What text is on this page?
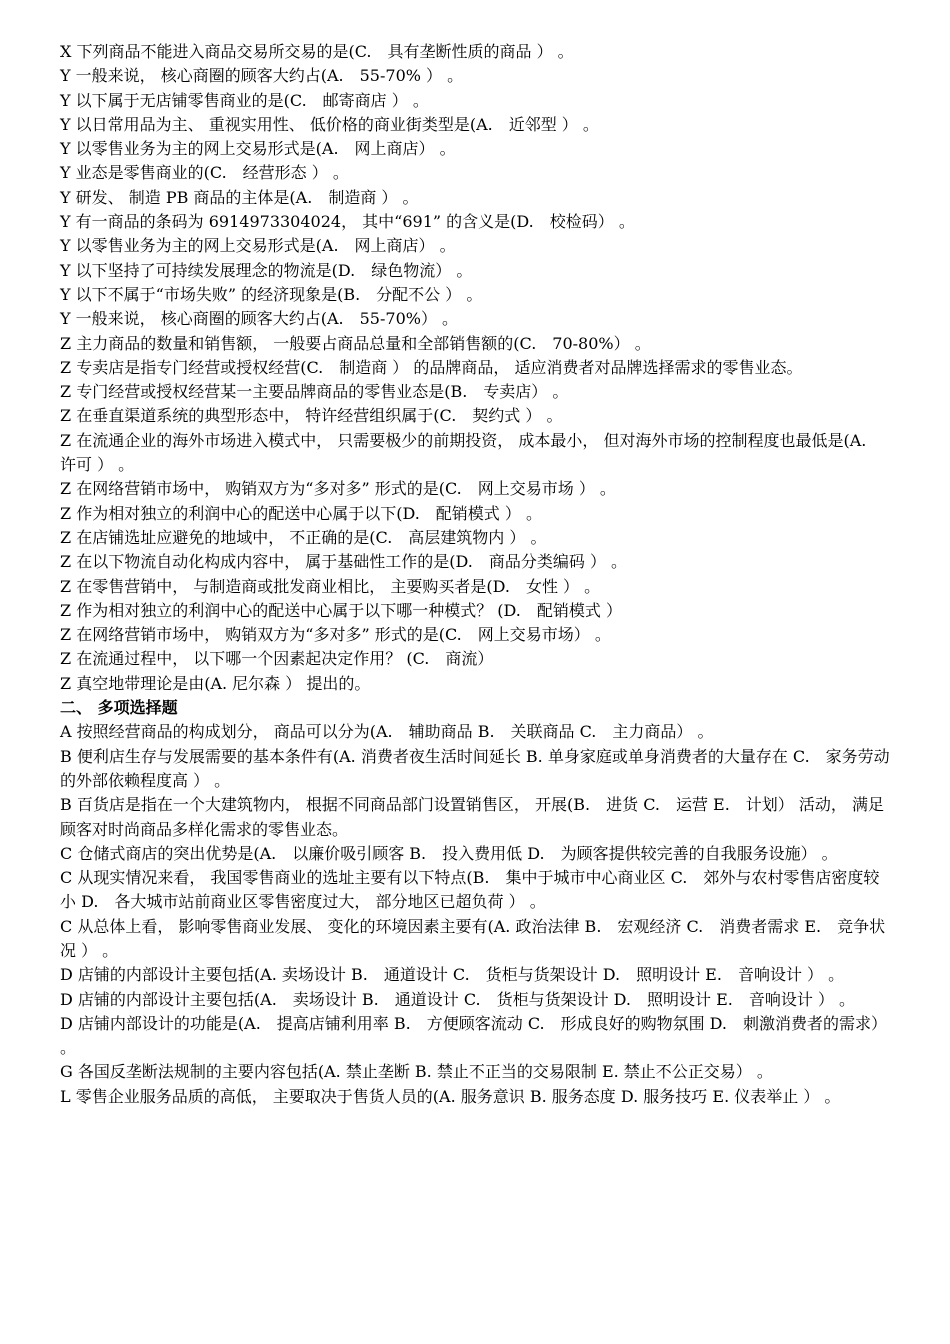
X 下列商品不能进入商品交易所交易的是(C.　具有垄断性质的商品 ） 。

Y 一般来说， 核心商圈的顾客大约占(A.　55-70% ） 。

Y 以下属于无店铺零售商业的是(C.　邮寄商店 ） 。

Y 以日常用品为主、 重视实用性、 低价格的商业街类型是(A.　近邻型 ） 。

Y 以零售业务为主的网上交易形式是(A.　网上商店） 。

Y 业态是零售商业的(C.　经营形态 ） 。

Y 研发、 制造 PB 商品的主体是(A.　制造商 ） 。

Y 有一商品的条码为 6914973304024， 其中“691” 的含义是(D.　校检码） 。

Y 以零售业务为主的网上交易形式是(A.　网上商店） 。

Y 以下坚持了可持续发展理念的物流是(D.　绿色物流） 。

Y 以下不属于“市场失败” 的经济现象是(B.　分配不公 ） 。

Y 一般来说， 核心商圈的顾客大约占(A.　55-70%） 。

Z 主力商品的数量和销售额， 一般要占商品总量和全部销售额的(C.　70-80%） 。

Z 专卖店是指专门经营或授权经营(C.　制造商 ） 的品牌商品， 适应消费者对品牌选择需求的零售业态。

Z 专门经营或授权经营某一主要品牌商品的零售业态是(B.　专卖店） 。

Z 在垂直渠道系统的典型形态中， 特许经营组织属于(C.　契约式 ） 。

Z 在流通企业的海外市场进入模式中， 只需要极少的前期投资， 成本最小， 但对海外市场的控制程度也最低是(A.　许可 ） 。

Z 在网络营销市场中， 购销双方为“多对多” 形式的是(C.　网上交易市场 ） 。

Z 作为相对独立的利润中心的配送中心属于以下(D.　配销模式 ） 。

Z 在店铺选址应避免的地域中， 不正确的是(C.　高层建筑物内 ） 。

Z 在以下物流自动化构成内容中， 属于基础性工作的是(D.　商品分类编码 ） 。

Z 在零售营销中， 与制造商或批发商业相比， 主要购买者是(D.　女性 ） 。

Z 作为相对独立的利润中心的配送中心属于以下哪一种模式？ (D.　配销模式 ）

Z 在网络营销市场中， 购销双方为“多对多” 形式的是(C.　网上交易市场） 。

Z 在流通过程中， 以下哪一个因素起决定作用？ (C.　商流）

Z 真空地带理论是由(A. 尼尔森 ） 提出的。

二、 多项选择题

A 按照经营商品的构成划分， 商品可以分为(A.　辅助商品 B.　关联商品 C.　主力商品） 。

B 便利店生存与发展需要的基本条件有(A. 消费者夜生活时间延长 B. 单身家庭或单身消费者的大量存在 C.　家务劳动的外部依赖程度高 ） 。

B 百货店是指在一个大建筑物内， 根据不同商品部门设置销售区， 开展(B.　进货 C.　运营 E.　计划） 活动， 满足顾客对时尚商品多样化需求的零售业态。

C 仓储式商店的突出优势是(A.　以廉价吸引顾客 B.　投入费用低 D.　为顾客提供较完善的自我服务设施） 。

C 从现实情况来看， 我国零售商业的选址主要有以下特点(B.　集中于城市中心商业区 C.　郊外与农村零售店密度较小 D.　各大城市站前商业区零售密度过大， 部分地区已超负荷 ） 。

C 从总体上看， 影响零售商业发展、 变化的环境因素主要有(A. 政治法律 B.　宏观经济 C.　消费者需求 E.　竞争状况 ） 。

D 店铺的内部设计主要包括(A. 卖场设计 B.　通道设计 C.　货柜与货架设计 D.　照明设计 E.　音响设计 ） 。

D 店铺的内部设计主要包括(A.　卖场设计 B.　通道设计 C.　货柜与货架设计 D.　照明设计 E.　音响设计 ） 。

D 店铺内部设计的功能是(A.　提高店铺利用率 B.　方便顾客流动 C.　形成良好的购物氛围 D.　刺激消费者的需求） 。

G 各国反垄断法规制的主要内容包括(A. 禁止垄断 B. 禁止不正当的交易限制 E. 禁止不公正交易） 。

L 零售企业服务品质的高低， 主要取决于售货人员的(A. 服务意识 B. 服务态度 D. 服务技巧 E. 仪表举止 ） 。
